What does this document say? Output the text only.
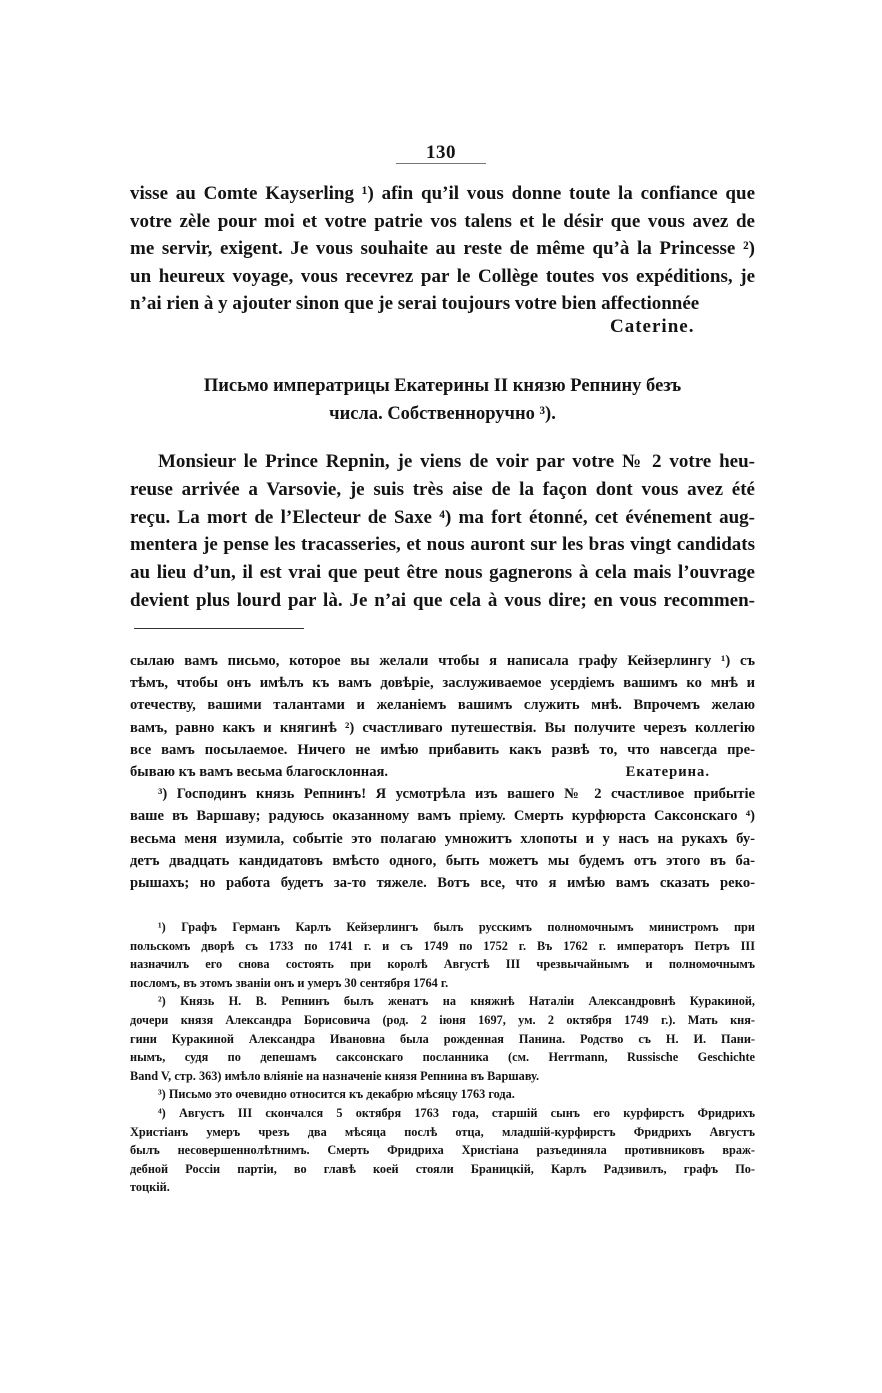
130
visse au Comte Kayserling ¹) afin qu’il vous donne toute la confiance que
votre zèle pour moi et votre patrie vos talens et le désir que vous avez de
me servir, exigent. Je vous souhaite au reste de même qu’à la Princesse ²)
un heureux voyage, vous recevrez par le Collège toutes vos expéditions, je
n’ai rien à y ajouter sinon que je serai toujours votre bien affectionnée
Caterine.
Письмо императрицы Екатерины II князю Репнину безъ
числа. Собственноручно ³).
Monsieur le Prince Repnin, je viens de voir par votre № 2 votre heu-
reuse arrivée a Varsovie, je suis très aise de la façon dont vous avez été
reçu. La mort de l’Electeur de Saxe ⁴) ma fort étonné, cet événement aug-
mentera je pense les tracasseries, et nous auront sur les bras vingt candidats
au lieu d’un, il est vrai que peut être nous gagnerons à cela mais l’ouvrage
devient plus lourd par là. Je n’ai que cela à vous dire; en vous recommen-
сылаю вамъ письмо, которое вы желали чтобы я написала графу Кейзерлингу ¹) съ
тѣмъ, чтобы онъ имѣлъ къ вамъ довѣріе, заслуживаемое усердіемъ вашимъ ко мнѣ и
отечеству, вашими талантами и желаніемъ вашимъ служить мнѣ. Впрочемъ желаю
вамъ, равно какъ и княгинѣ ²) счастливаго путешествія. Вы получите черезъ коллегію
все вамъ посылаемое. Ничего не имѣю прибавить какъ развѣ то, что навсегда пре-
бываю къ вамъ весьма благосклонная.	Екатерина.
³) Господинъ князь Репнинъ! Я усмотрѣла изъ вашего № 2 счастливое прибытіе
ваше въ Варшаву; радуюсь оказанному вамъ пріему. Смерть курфюрста Саксонскаго ⁴)
весьма меня изумила, событіе это полагаю умножитъ хлопоты и у насъ на рукахъ бу-
детъ двадцать кандидатовъ вмѣсто одного, быть можетъ мы будемъ отъ этого въ ба-
рышахъ; но работа будетъ за-то тяжеле. Вотъ все, что я имѣю вамъ сказать реко-
¹) Графъ Германъ Карлъ Кейзерлингъ былъ русскимъ полномочнымъ министромъ при
польскомъ дворѣ съ 1733 по 1741 г. и съ 1749 по 1752 г. Въ 1762 г. императоръ Петръ III
назначилъ его снова состоять при королѣ Августѣ III чрезвычайнымъ и полномочнымъ
посломъ, въ этомъ званіи онъ и умеръ 30 сентября 1764 г.
²) Князь Н. В. Репнинъ былъ женатъ на княжнѣ Наталіи Александровнѣ Куракиной,
дочери князя Александра Борисовича (род. 2 іюня 1697, ум. 2 октября 1749 г.). Мать кня-
гини Куракиной Александра Ивановна была рожденная Панина. Родство съ Н. И. Пани-
нымъ, судя по депешамъ саксонскаго посланника (см. Herrmann, Russische Geschichte
Band V, стр. 363) имѣло вліяніе на назначеніе князя Репнина въ Варшаву.
³) Письмо это очевидно относится къ декабрю мѣсяцу 1763 года.
⁴) Августъ III скончался 5 октября 1763 года, старшій сынъ его курфирстъ Фридрихъ
Христіанъ умеръ чрезъ два мѣсяца послѣ отца, младшій-курфирстъ Фридрихъ Августъ
былъ несовершеннолѣтнимъ. Смерть Фридриха Христіана разъединяла противниковъ враж-
дебной Россіи партіи, во главѣ коей стояли Браницкій, Карлъ Радзивилъ, графъ По-
тоцкій.
